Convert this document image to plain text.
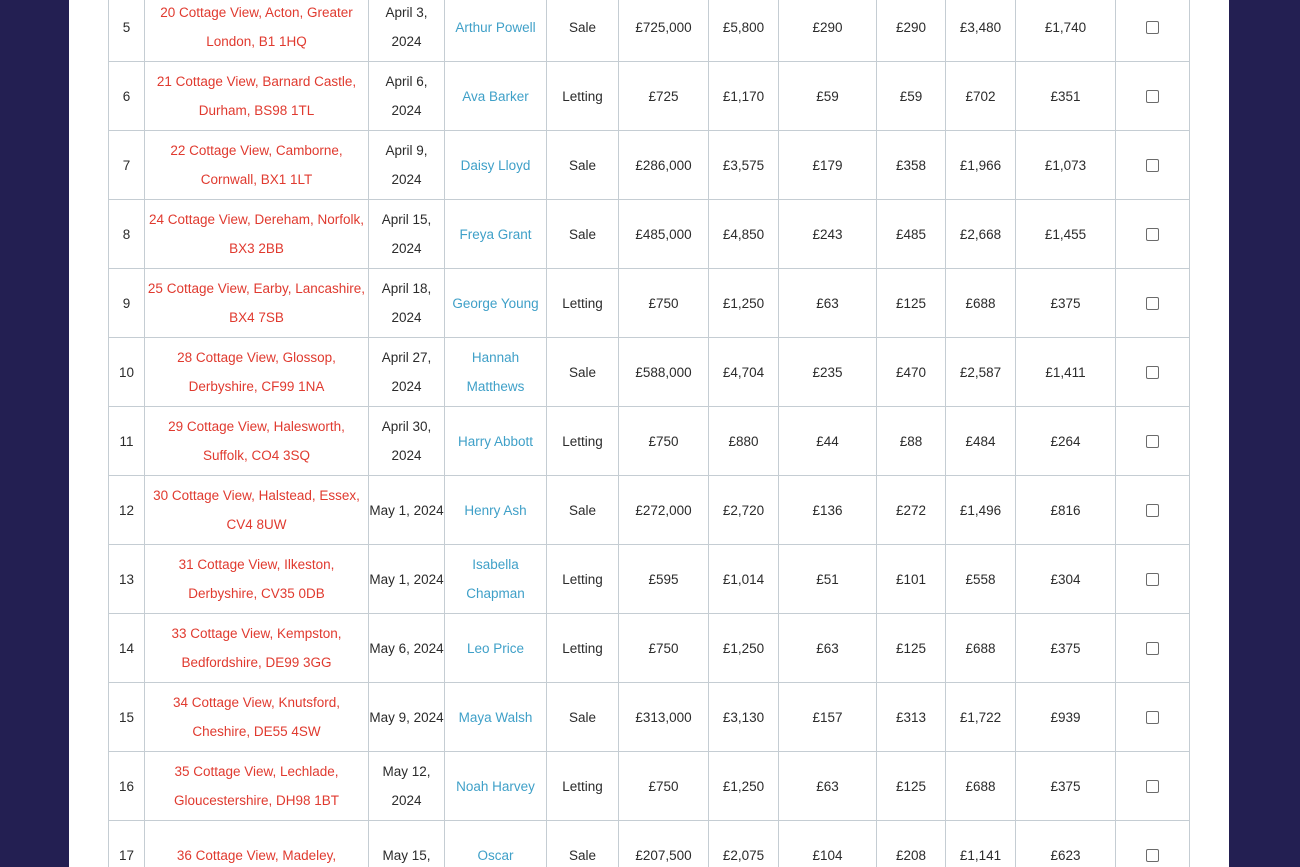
5	20 Cottage View, Acton, Greater London, B1 1HQ	April 3, 2024	Arthur Powell	Sale	£725,000	£5,800	£290	£290	£3,480	£1,740	
6	21 Cottage View, Barnard Castle, Durham, BS98 1TL	April 6, 2024	Ava Barker	Letting	£725	£1,170	£59	£59	£702	£351	
7	22 Cottage View, Camborne, Cornwall, BX1 1LT	April 9, 2024	Daisy Lloyd	Sale	£286,000	£3,575	£179	£358	£1,966	£1,073	
8	24 Cottage View, Dereham, Norfolk, BX3 2BB	April 15, 2024	Freya Grant	Sale	£485,000	£4,850	£243	£485	£2,668	£1,455	
9	25 Cottage View, Earby, Lancashire, BX4 7SB	April 18, 2024	George Young	Letting	£750	£1,250	£63	£125	£688	£375	
10	28 Cottage View, Glossop, Derbyshire, CF99 1NA	April 27, 2024	Hannah Matthews	Sale	£588,000	£4,704	£235	£470	£2,587	£1,411	
11	29 Cottage View, Halesworth, Suffolk, CO4 3SQ	April 30, 2024	Harry Abbott	Letting	£750	£880	£44	£88	£484	£264	
12	30 Cottage View, Halstead, Essex, CV4 8UW	May 1, 2024	Henry Ash	Sale	£272,000	£2,720	£136	£272	£1,496	£816	
13	31 Cottage View, Ilkeston, Derbyshire, CV35 0DB	May 1, 2024	Isabella Chapman	Letting	£595	£1,014	£51	£101	£558	£304	
14	33 Cottage View, Kempston, Bedfordshire, DE99 3GG	May 6, 2024	Leo Price	Letting	£750	£1,250	£63	£125	£688	£375	
15	34 Cottage View, Knutsford, Cheshire, DE55 4SW	May 9, 2024	Maya Walsh	Sale	£313,000	£3,130	£157	£313	£1,722	£939	
16	35 Cottage View, Lechlade, Gloucestershire, DH98 1BT	May 12, 2024	Noah Harvey	Letting	£750	£1,250	£63	£125	£688	£375	
17	36 Cottage View, Madeley,	May 15,	Oscar	Sale	£207,500	£2,075	£104	£208	£1,141	£623	
